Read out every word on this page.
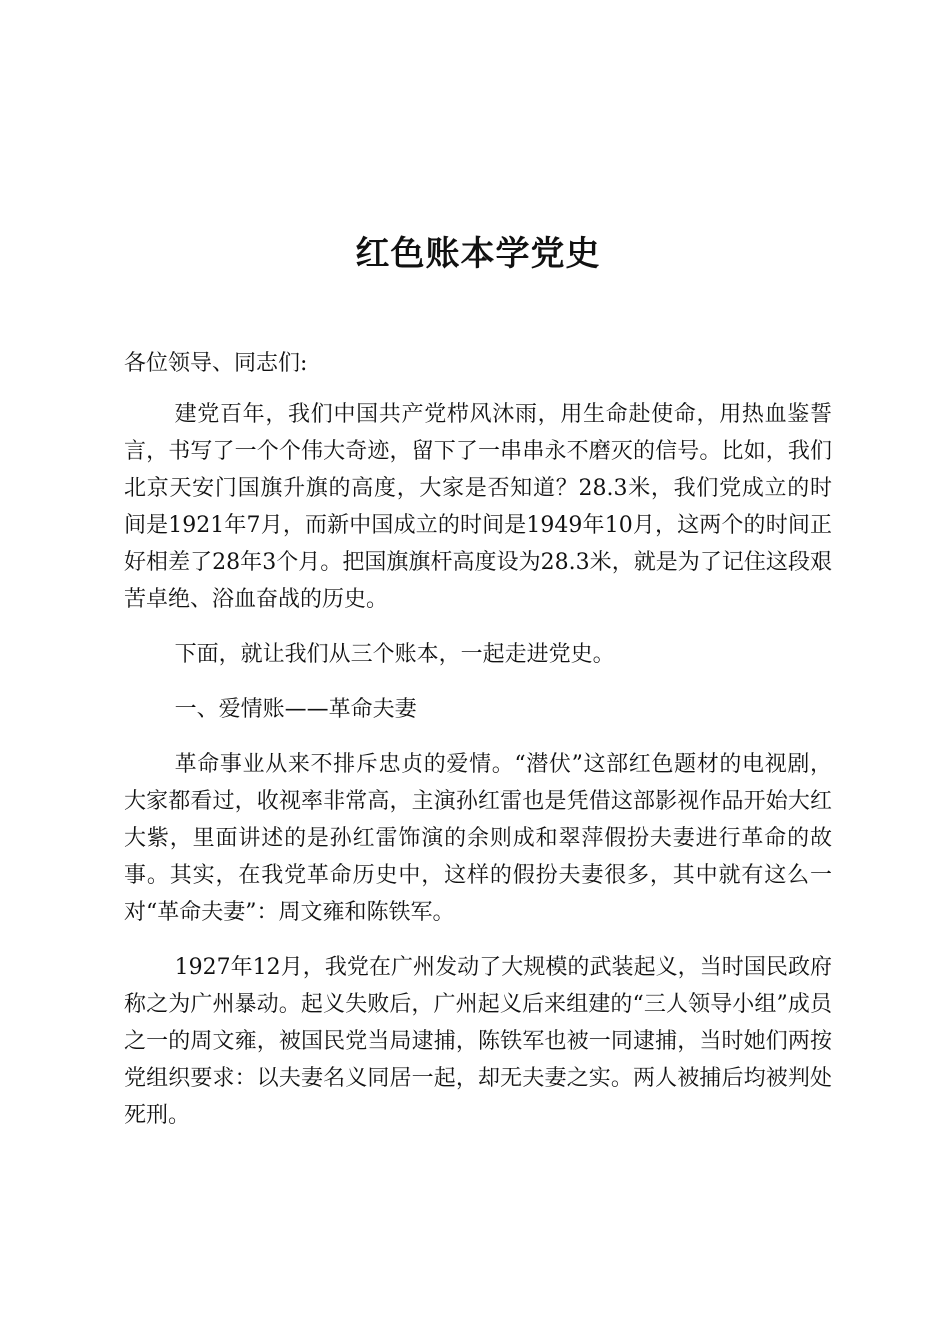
红色账本学党史

各位领导、同志们:

建党百年，我们中国共产党栉风沐雨，用生命赴使命，用热血鉴誓言，书写了一个个伟大奇迹，留下了一串串永不磨灭的信号。比如，我们北京天安门国旗升旗的高度，大家是否知道？28.3米，我们党成立的时间是1921年7月，而新中国成立的时间是1949年10月，这两个的时间正好相差了28年3个月。把国旗旗杆高度设为28.3米，就是为了记住这段艰苦卓绝、浴血奋战的历史。

下面，就让我们从三个账本，一起走进党史。

一、爱情账——革命夫妻

革命事业从来不排斥忠贞的爱情。“潜伏”这部红色题材的电视剧，大家都看过，收视率非常高，主演孙红雷也是凭借这部影视作品开始大红大紫，里面讲述的是孙红雷饰演的余则成和翠萍假扮夫妻进行革命的故事。其实，在我党革命历史中，这样的假扮夫妻很多，其中就有这么一对“革命夫妻”：周文雍和陈铁军。

1927年12月，我党在广州发动了大规模的武装起义，当时国民政府称之为广州暴动。起义失败后，广州起义后来组建的“三人领导小组”成员之一的周文雍，被国民党当局逮捕，陈铁军也被一同逮捕，当时她们两按党组织要求：以夫妻名义同居一起，却无夫妻之实。两人被捕后均被判处死刑。
